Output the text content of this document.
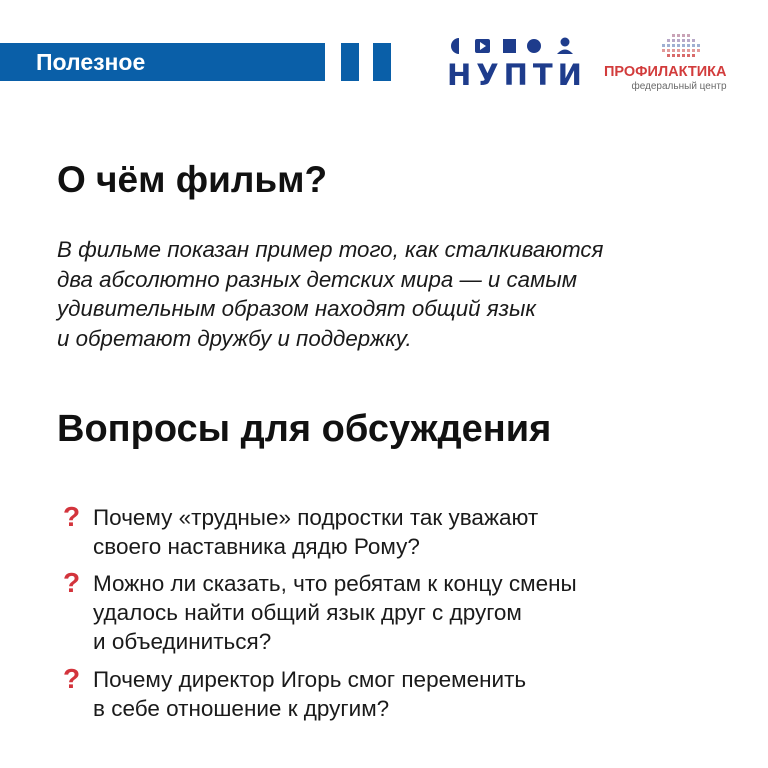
Полезное	НУПТИ ПРОФИЛАКТИКА
федеральный центр
О чём фильм?

В фильме показан пример того, как сталкиваются
два абсолютно разных детских мира — и самым
удивительным образом находят общий язык
и обретают дружбу и поддержку.

Вопросы для обсуждения
? Почему «трудные» подростки так уважают
своего наставника дядю Рому?

? Можно ли сказать, что ребятам к концу смены
удалось найти общий язык друг с другом
и объединиться?

? Почему директор Игорь смог переменить
в себе отношение к другим?
